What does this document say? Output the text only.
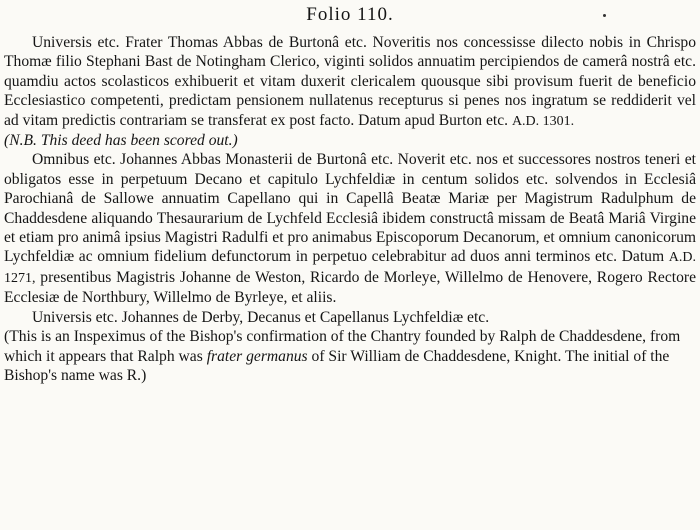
Folio 110.

Universis etc. Frater Thomas Abbas de Burtonâ etc. Noveritis nos concessisse dilecto nobis in Chrispo Thomæ filio Stephani Bast de Notingham Clerico, viginti solidos annuatim percipiendos de camerâ nostrâ etc. quamdiu actos scolasticos exhibuerit et vitam duxerit clericalem quousque sibi provisum fuerit de beneficio Ecclesiastico competenti, predictam pensionem nullatenus recepturus si penes nos ingratum se reddiderit vel ad vitam predictis contrariam se transferat ex post facto. Datum apud Burton etc. A.D. 1301.

(N.B. This deed has been scored out.)

Omnibus etc. Johannes Abbas Monasterii de Burtonâ etc. Noverit etc. nos et successores nostros teneri et obligatos esse in perpetuum Decano et capitulo Lychfeldiæ in centum solidos etc. solvendos in Ecclesiâ Parochianâ de Sallowe annuatim Capellano qui in Capellâ Beatæ Mariæ per Magistrum Radulphum de Chaddesdene aliquando Thesaurarium de Lychfeld Ecclesiâ ibidem constructâ missam de Beatâ Mariâ Virgine et etiam pro animâ ipsius Magistri Radulfi et pro animabus Episcoporum Decanorum, et omnium canonicorum Lychfeldiæ ac omnium fidelium defunctorum in perpetuo celebrabitur ad duos anni terminos etc. Datum A.D. 1271, presentibus Magistris Johanne de Weston, Ricardo de Morleye, Willelmo de Henovere, Rogero Rectore Ecclesiæ de Northbury, Willelmo de Byrleye, et aliis.

Universis etc. Johannes de Derby, Decanus et Capellanus Lychfeldiæ etc.

(This is an Inspeximus of the Bishop's confirmation of the Chantry founded by Ralph de Chaddesdene, from which it appears that Ralph was frater germanus of Sir William de Chaddesdene, Knight. The initial of the Bishop's name was R.)
